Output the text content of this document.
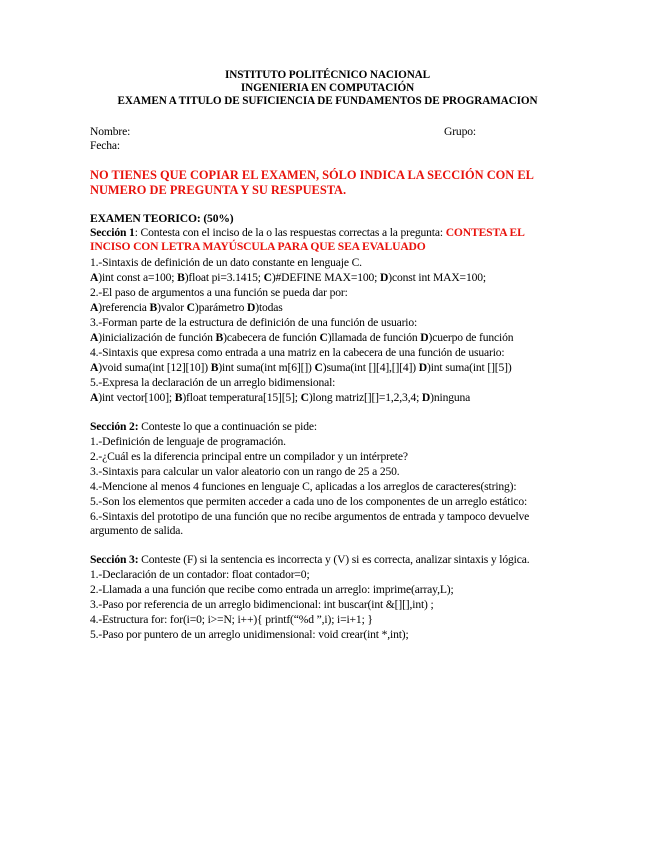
INSTITUTO POLITÉCNICO NACIONAL
INGENIERIA EN COMPUTACIÓN
EXAMEN A TITULO DE SUFICIENCIA DE FUNDAMENTOS DE PROGRAMACION
Nombre:	Grupo:
Fecha:
NO TIENES QUE COPIAR EL EXAMEN, SÓLO INDICA LA SECCIÓN CON EL
NUMERO DE PREGUNTA Y SU RESPUESTA.
EXAMEN TEORICO: (50%)
Sección 1: Contesta con el inciso de la o las respuestas correctas a la pregunta: CONTESTA EL
INCISO CON LETRA MAYÚSCULA PARA QUE SEA EVALUADO
1.-Sintaxis de definición de un dato constante en lenguaje C.
A)int const a=100; B)float pi=3.1415; C)#DEFINE MAX=100; D)const int MAX=100;
2.-El paso de argumentos a una función se pueda dar por:
A)referencia B)valor C)parámetro D)todas
3.-Forman parte de la estructura de definición de una función de usuario:
A)inicialización de función B)cabecera de función C)llamada de función D)cuerpo de función
4.-Sintaxis que expresa como entrada a una matriz en la cabecera de una función de usuario:
A)void suma(int [12][10]) B)int suma(int m[6][]) C)suma(int [][4],[][4]) D)int suma(int [][5])
5.-Expresa la declaración de un arreglo bidimensional:
A)int vector[100]; B)float temperatura[15][5]; C)long matriz[][]=1,2,3,4; D)ninguna
Sección 2: Conteste lo que a continuación se pide:
1.-Definición de lenguaje de programación.
2.-¿Cuál es la diferencia principal entre un compilador y un intérprete?
3.-Sintaxis para calcular un valor aleatorio con un rango de 25 a 250.
4.-Mencione al menos 4 funciones en lenguaje C, aplicadas a los arreglos de caracteres(string):
5.-Son los elementos que permiten acceder a cada uno de los componentes de un arreglo estático:
6.-Sintaxis del prototipo de una función que no recibe argumentos de entrada y tampoco devuelve
argumento de salida.
Sección 3: Conteste (F) si la sentencia es incorrecta y (V) si es correcta, analizar sintaxis y lógica.
1.-Declaración de un contador: float contador=0;
2.-Llamada a una función que recibe como entrada un arreglo: imprime(array,L);
3.-Paso por referencia de un arreglo bidimencional: int buscar(int &[][],int) ;
4.-Estructura for: for(i=0; i>=N; i++){ printf(“%d ”,i); i=i+1; }
5.-Paso por puntero de un arreglo unidimensional: void crear(int *,int);
